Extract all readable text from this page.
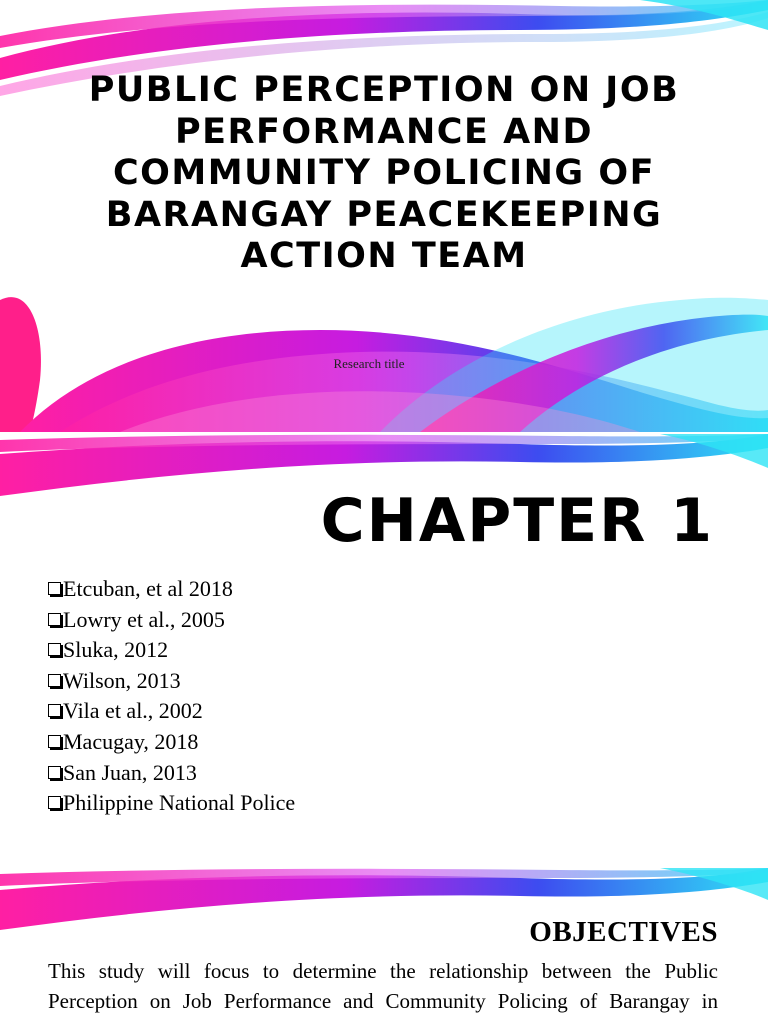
PUBLIC PERCEPTION ON JOB PERFORMANCE AND COMMUNITY POLICING OF BARANGAY PEACEKEEPING ACTION TEAM
Research title
CHAPTER 1
Etcuban, et al 2018
Lowry et al., 2005
Sluka, 2012
Wilson, 2013
Vila et al., 2002
Macugay, 2018
San Juan, 2013
Philippine National Police
OBJECTIVES

This study will focus to determine the relationship between the Public Perception on Job Performance and Community Policing of Barangay in
